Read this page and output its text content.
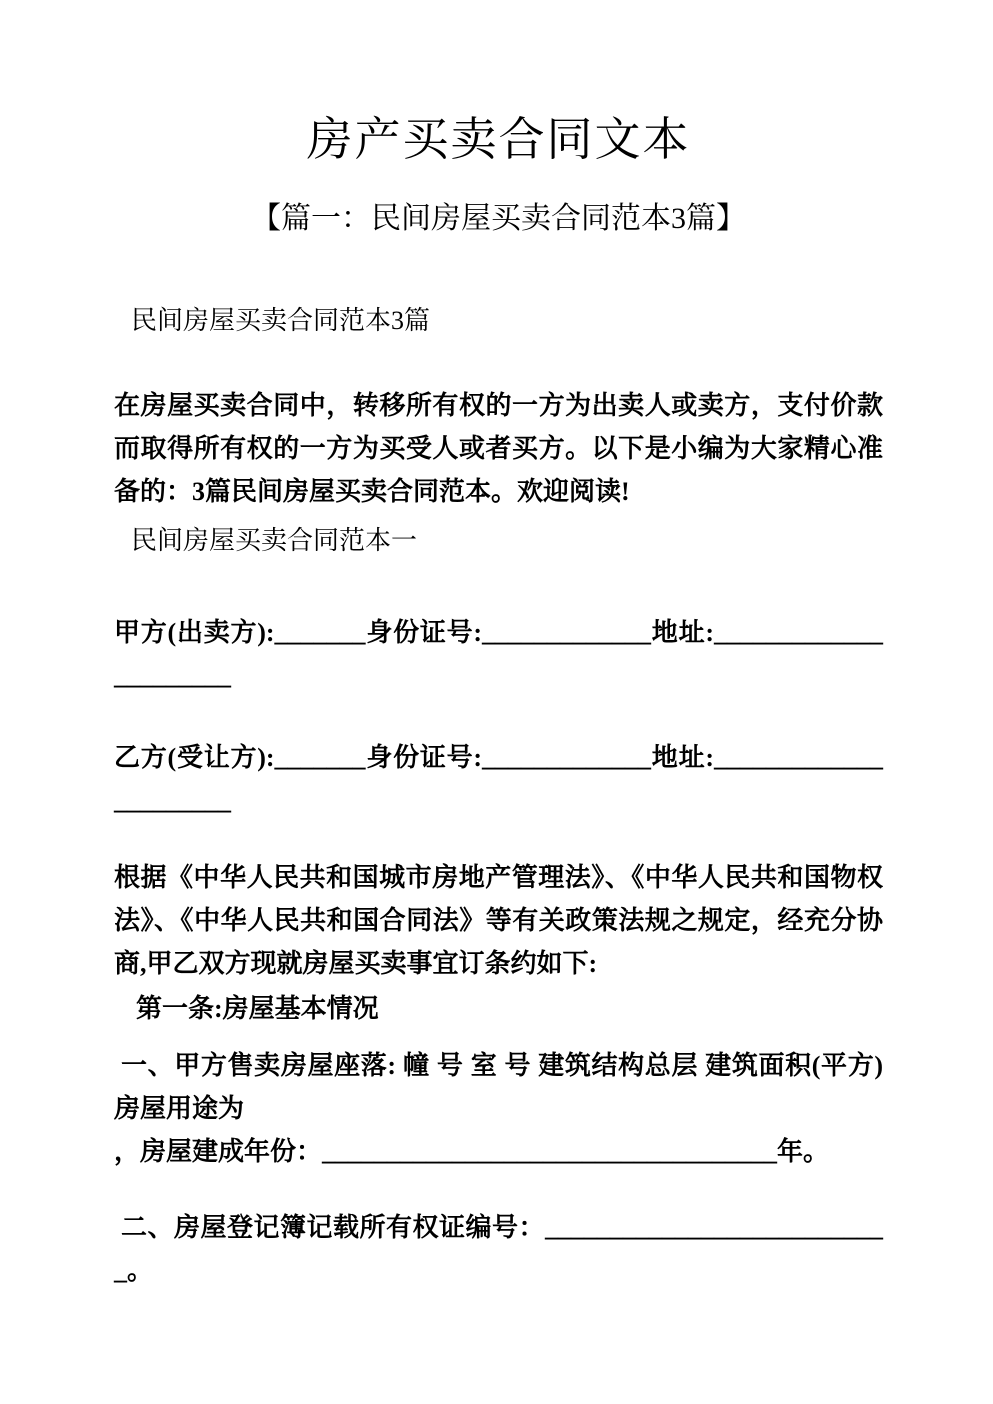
房产买卖合同文本
【篇一：民间房屋买卖合同范本3篇】

民间房屋买卖合同范本3篇

在房屋买卖合同中，转移所有权的一方为出卖人或卖方，支付价款而取得所有权的一方为买受人或者买方。以下是小编为大家精心准备的：3篇民间房屋买卖合同范本。欢迎阅读!

民间房屋买卖合同范本一

甲方(出卖方):_______身份证号:_____________地址:______________________

乙方(受让方):_______身份证号:_____________地址:______________________

根据《中华人民共和国城市房地产管理法》、《中华人民共和国物权法》、《中华人民共和国合同法》等有关政策法规之规定，经充分协商,甲乙双方现就房屋买卖事宜订条约如下:

第一条:房屋基本情况

一、甲方售卖房屋座落: 幢 号 室 号 建筑结构总层 建筑面积(平方)房屋用途为

，房屋建成年份：___________________________________年。

二、房屋登记簿记载所有权证编号：___________________________。
